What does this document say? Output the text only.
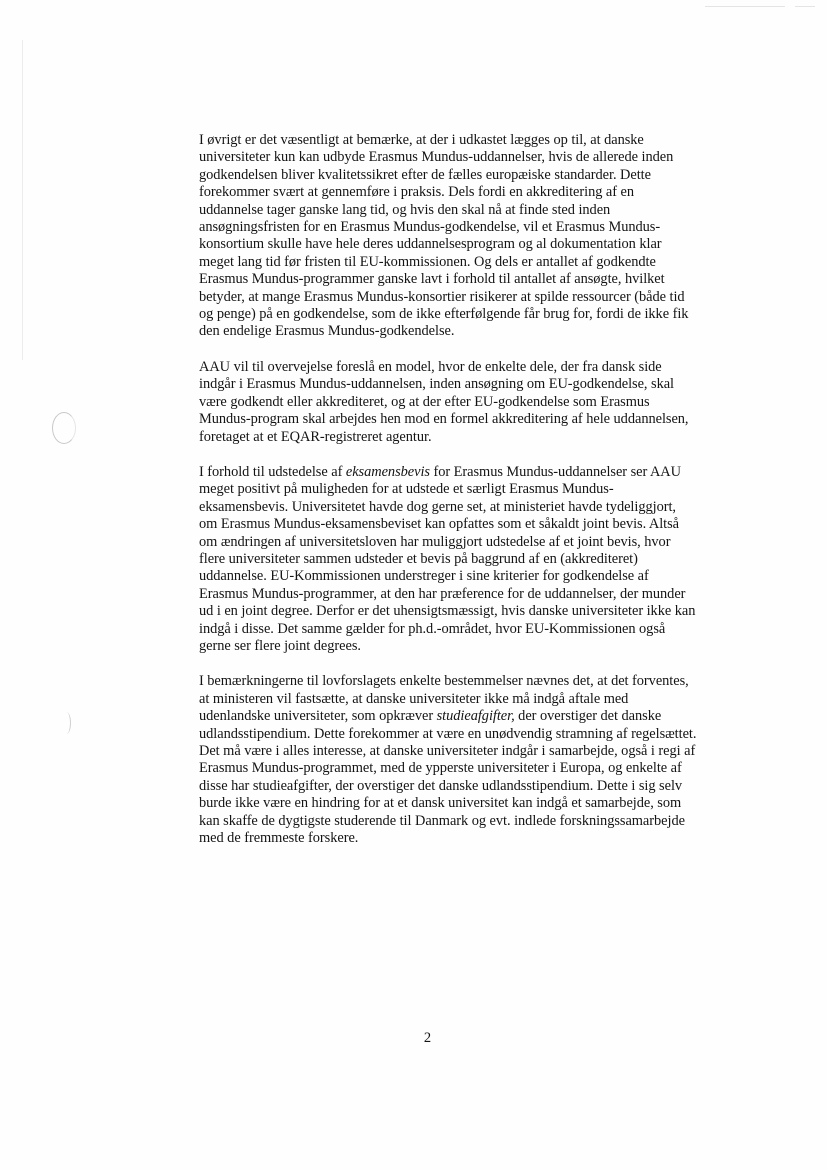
I øvrigt er det væsentligt at bemærke, at der i udkastet lægges op til, at danske
universiteter kun kan udbyde Erasmus Mundus-uddannelser, hvis de allerede inden
godkendelsen bliver kvalitetssikret efter de fælles europæiske standarder. Dette
forekommer svært at gennemføre i praksis. Dels fordi en akkreditering af en
uddannelse tager ganske lang tid, og hvis den skal nå at finde sted inden
ansøgningsfristen for en Erasmus Mundus-godkendelse, vil et Erasmus Mundus-
konsortium skulle have hele deres uddannelsesprogram og al dokumentation klar
meget lang tid før fristen til EU-kommissionen. Og dels er antallet af godkendte
Erasmus Mundus-programmer ganske lavt i forhold til antallet af ansøgte, hvilket
betyder, at mange Erasmus Mundus-konsortier risikerer at spilde ressourcer (både tid
og penge) på en godkendelse, som de ikke efterfølgende får brug for, fordi de ikke fik
den endelige Erasmus Mundus-godkendelse.

AAU vil til overvejelse foreslå en model, hvor de enkelte dele, der fra dansk side
indgår i Erasmus Mundus-uddannelsen, inden ansøgning om EU-godkendelse, skal
være godkendt eller akkrediteret, og at der efter EU-godkendelse som Erasmus
Mundus-program skal arbejdes hen mod en formel akkreditering af hele uddannelsen,
foretaget at et EQAR-registreret agentur.

I forhold til udstedelse af eksamensbevis for Erasmus Mundus-uddannelser ser AAU
meget positivt på muligheden for at udstede et særligt Erasmus Mundus-
eksamensbevis. Universitetet havde dog gerne set, at ministeriet havde tydeliggjort,
om Erasmus Mundus-eksamensbeviset kan opfattes som et såkaldt joint bevis. Altså
om ændringen af universitetsloven har muliggjort udstedelse af et joint bevis, hvor
flere universiteter sammen udsteder et bevis på baggrund af en (akkrediteret)
uddannelse. EU-Kommissionen understreger i sine kriterier for godkendelse af
Erasmus Mundus-programmer, at den har præference for de uddannelser, der munder
ud i en joint degree. Derfor er det uhensigtsmæssigt, hvis danske universiteter ikke kan
indgå i disse. Det samme gælder for ph.d.-området, hvor EU-Kommissionen også
gerne ser flere joint degrees.

I bemærkningerne til lovforslagets enkelte bestemmelser nævnes det, at det forventes,
at ministeren vil fastsætte, at danske universiteter ikke må indgå aftale med
udenlandske universiteter, som opkræver studieafgifter, der overstiger det danske
udlandsstipendium. Dette forekommer at være en unødvendig stramning af regelsættet.
Det må være i alles interesse, at danske universiteter indgår i samarbejde, også i regi af
Erasmus Mundus-programmet, med de ypperste universiteter i Europa, og enkelte af
disse har studieafgifter, der overstiger det danske udlandsstipendium. Dette i sig selv
burde ikke være en hindring for at et dansk universitet kan indgå et samarbejde, som
kan skaffe de dygtigste studerende til Danmark og evt. indlede forskningssamarbejde
med de fremmeste forskere.

2
